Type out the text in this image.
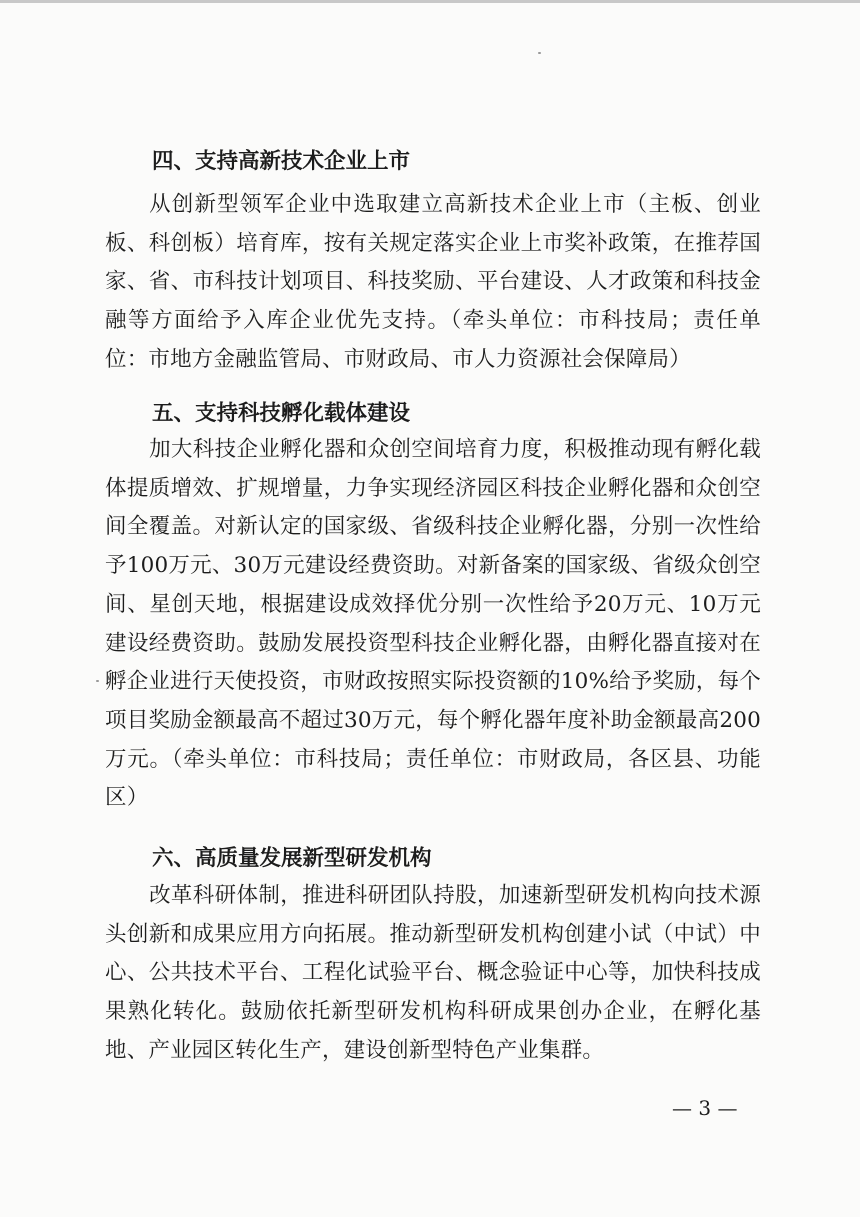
四、支持高新技术企业上市
从创新型领军企业中选取建立高新技术企业上市（主板、创业板、科创板）培育库，按有关规定落实企业上市奖补政策，在推荐国家、省、市科技计划项目、科技奖励、平台建设、人才政策和科技金融等方面给予入库企业优先支持。（牵头单位：市科技局；责任单位：市地方金融监管局、市财政局、市人力资源社会保障局）
五、支持科技孵化载体建设
加大科技企业孵化器和众创空间培育力度，积极推动现有孵化载体提质增效、扩规增量，力争实现经济园区科技企业孵化器和众创空间全覆盖。对新认定的国家级、省级科技企业孵化器，分别一次性给予100万元、30万元建设经费资助。对新备案的国家级、省级众创空间、星创天地，根据建设成效择优分别一次性给予20万元、10万元建设经费资助。鼓励发展投资型科技企业孵化器，由孵化器直接对在孵企业进行天使投资，市财政按照实际投资额的10%给予奖励，每个项目奖励金额最高不超过30万元，每个孵化器年度补助金额最高200万元。（牵头单位：市科技局；责任单位：市财政局，各区县、功能区）
六、高质量发展新型研发机构
改革科研体制，推进科研团队持股，加速新型研发机构向技术源头创新和成果应用方向拓展。推动新型研发机构创建小试（中试）中心、公共技术平台、工程化试验平台、概念验证中心等，加快科技成果熟化转化。鼓励依托新型研发机构科研成果创办企业，在孵化基地、产业园区转化生产，建设创新型特色产业集群。
— 3 —
